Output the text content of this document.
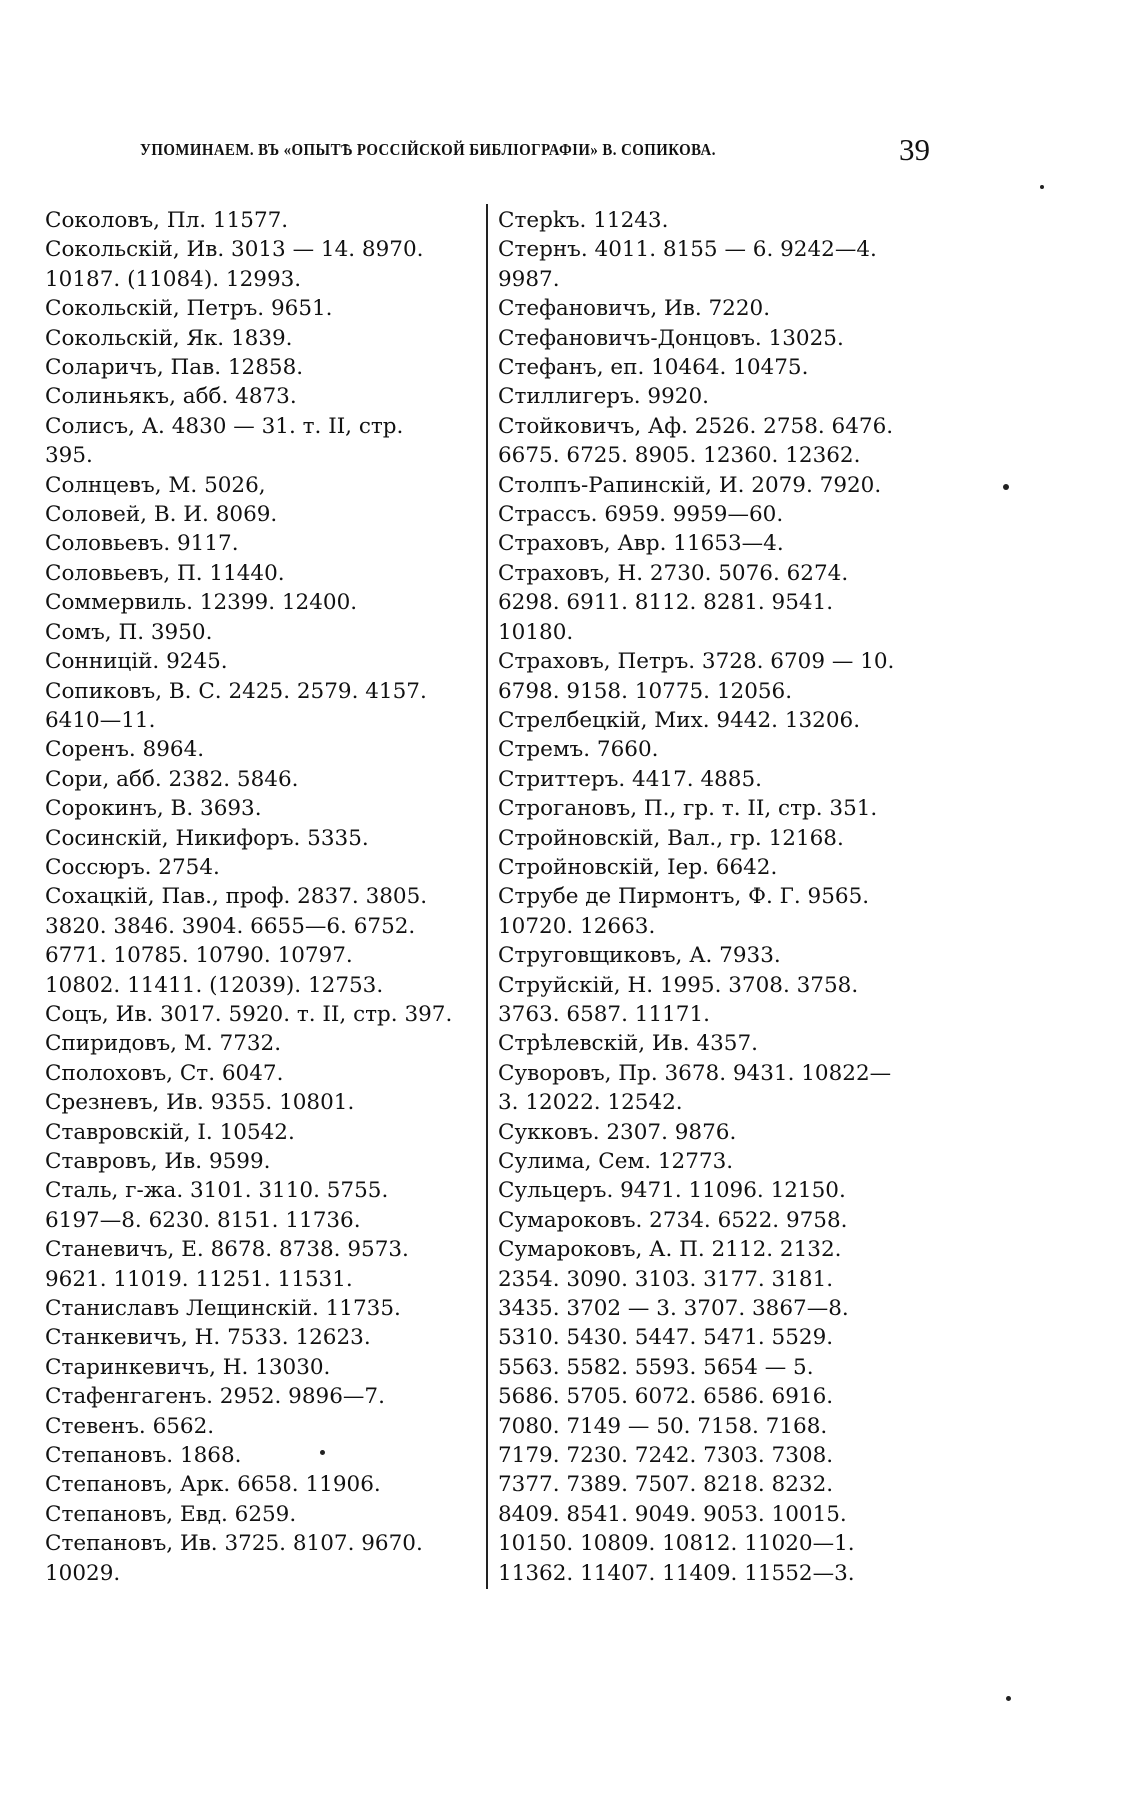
УПОМИНАЕМ. ВЪ «ОПЫТѢ РОССІЙСКОЙ БИБЛІОГРАФІИ» В. СОПИКОВА.	39
Соколовъ, Пл. 11577.
Сокольскій, Ив. 3013 — 14. 8970.
10187. (11084). 12993.
Сокольскій, Петръ. 9651.
Сокольскій, Як. 1839.
Соларичъ, Пав. 12858.
Солиньякъ, абб. 4873.
Солисъ, А. 4830 — 31. т. II, стр.
395.
Солнцевъ, М. 5026,
Соловей, В. И. 8069.
Соловьевъ. 9117.
Соловьевъ, П. 11440.
Соммервиль. 12399. 12400.
Сомъ, П. 3950.
Сонницій. 9245.
Сопиковъ, В. С. 2425. 2579. 4157.
6410—11.
Соренъ. 8964.
Сори, абб. 2382. 5846.
Сорокинъ, В. 3693.
Сосинскій, Никифоръ. 5335.
Соссюръ. 2754.
Сохацкій, Пав., проф. 2837. 3805.
3820. 3846. 3904. 6655—6. 6752.
6771. 10785. 10790. 10797.
10802. 11411. (12039). 12753.
Соцъ, Ив. 3017. 5920. т. II, стр. 397.
Спиридовъ, М. 7732.
Сполоховъ, Ст. 6047.
Срезневъ, Ив. 9355. 10801.
Ставровскій, I. 10542.
Ставровъ, Ив. 9599.
Сталь, г-жа. 3101. 3110. 5755.
6197—8. 6230. 8151. 11736.
Станевичъ, Е. 8678. 8738. 9573.
9621. 11019. 11251. 11531.
Станиславъ Лещинскій. 11735.
Станкевичъ, Н. 7533. 12623.
Старинкевичъ, Н. 13030.
Стафенгагенъ. 2952. 9896—7.
Стевенъ. 6562.
Степановъ. 1868.
Степановъ, Арк. 6658. 11906.
Степановъ, Евд. 6259.
Степановъ, Ив. 3725. 8107. 9670.
10029.
Стерkъ. 11243.
Стернъ. 4011. 8155 — 6. 9242—4.
9987.
Стефановичъ, Ив. 7220.
Стефановичъ-Донцовъ. 13025.
Стефанъ, еп. 10464. 10475.
Стиллигеръ. 9920.
Стойковичъ, Аф. 2526. 2758. 6476.
6675. 6725. 8905. 12360. 12362.
Столпъ-Рапинскій, И. 2079. 7920.
Страссъ. 6959. 9959—60.
Страховъ, Авр. 11653—4.
Страховъ, Н. 2730. 5076. 6274.
6298. 6911. 8112. 8281. 9541.
10180.
Страховъ, Петръ. 3728. 6709 — 10.
6798. 9158. 10775. 12056.
Стрелбецкій, Мих. 9442. 13206.
Стремъ. 7660.
Стриттеръ. 4417. 4885.
Строгановъ, П., гр. т. II, стр. 351.
Стройновскій, Вал., гр. 12168.
Стройновскій, Iер. 6642.
Струбе де Пирмонтъ, Ф. Г. 9565.
10720. 12663.
Струговщиковъ, А. 7933.
Струйскій, Н. 1995. 3708. 3758.
3763. 6587. 11171.
Стрѣлевскій, Ив. 4357.
Суворовъ, Пр. 3678. 9431. 10822—
3. 12022. 12542.
Сукковъ. 2307. 9876.
Сулима, Сем. 12773.
Сульцеръ. 9471. 11096. 12150.
Сумароковъ. 2734. 6522. 9758.
Сумароковъ, А. П. 2112. 2132.
2354. 3090. 3103. 3177. 3181.
3435. 3702 — 3. 3707. 3867—8.
5310. 5430. 5447. 5471. 5529.
5563. 5582. 5593. 5654 — 5.
5686. 5705. 6072. 6586. 6916.
7080. 7149 — 50. 7158. 7168.
7179. 7230. 7242. 7303. 7308.
7377. 7389. 7507. 8218. 8232.
8409. 8541. 9049. 9053. 10015.
10150. 10809. 10812. 11020—1.
11362. 11407. 11409. 11552—3.
